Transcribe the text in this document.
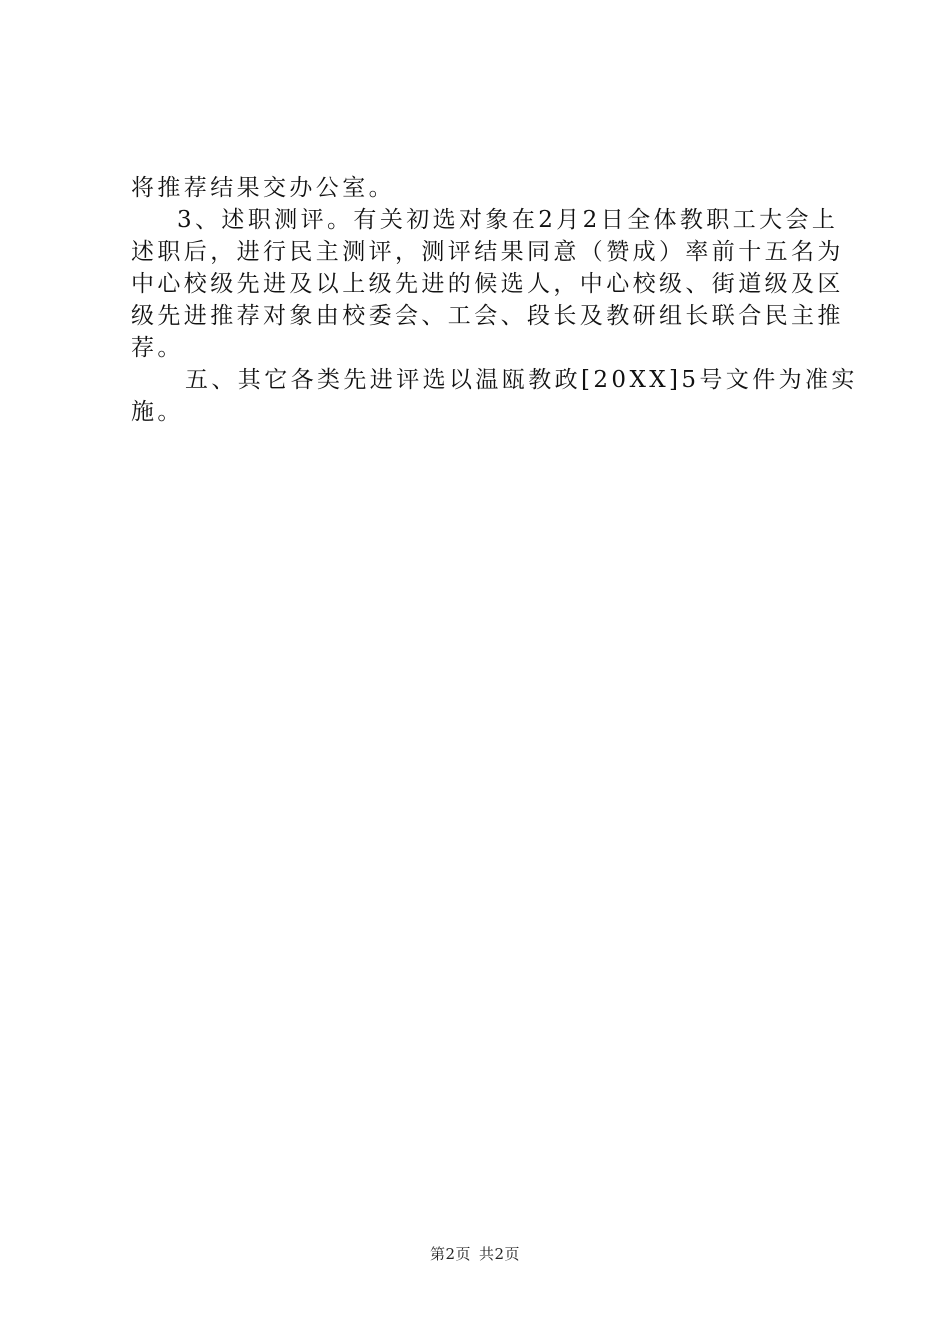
将推荐结果交办公室。
3、述职测评。有关初选对象在2月2日全体教职工大会上
述职后，进行民主测评，测评结果同意（赞成）率前十五名为
中心校级先进及以上级先进的候选人，中心校级、街道级及区
级先进推荐对象由校委会、工会、段长及教研组长联合民主推
荐。
五、其它各类先进评选以温瓯教政[20XX]5号文件为准实
施。
第2页 共2页
